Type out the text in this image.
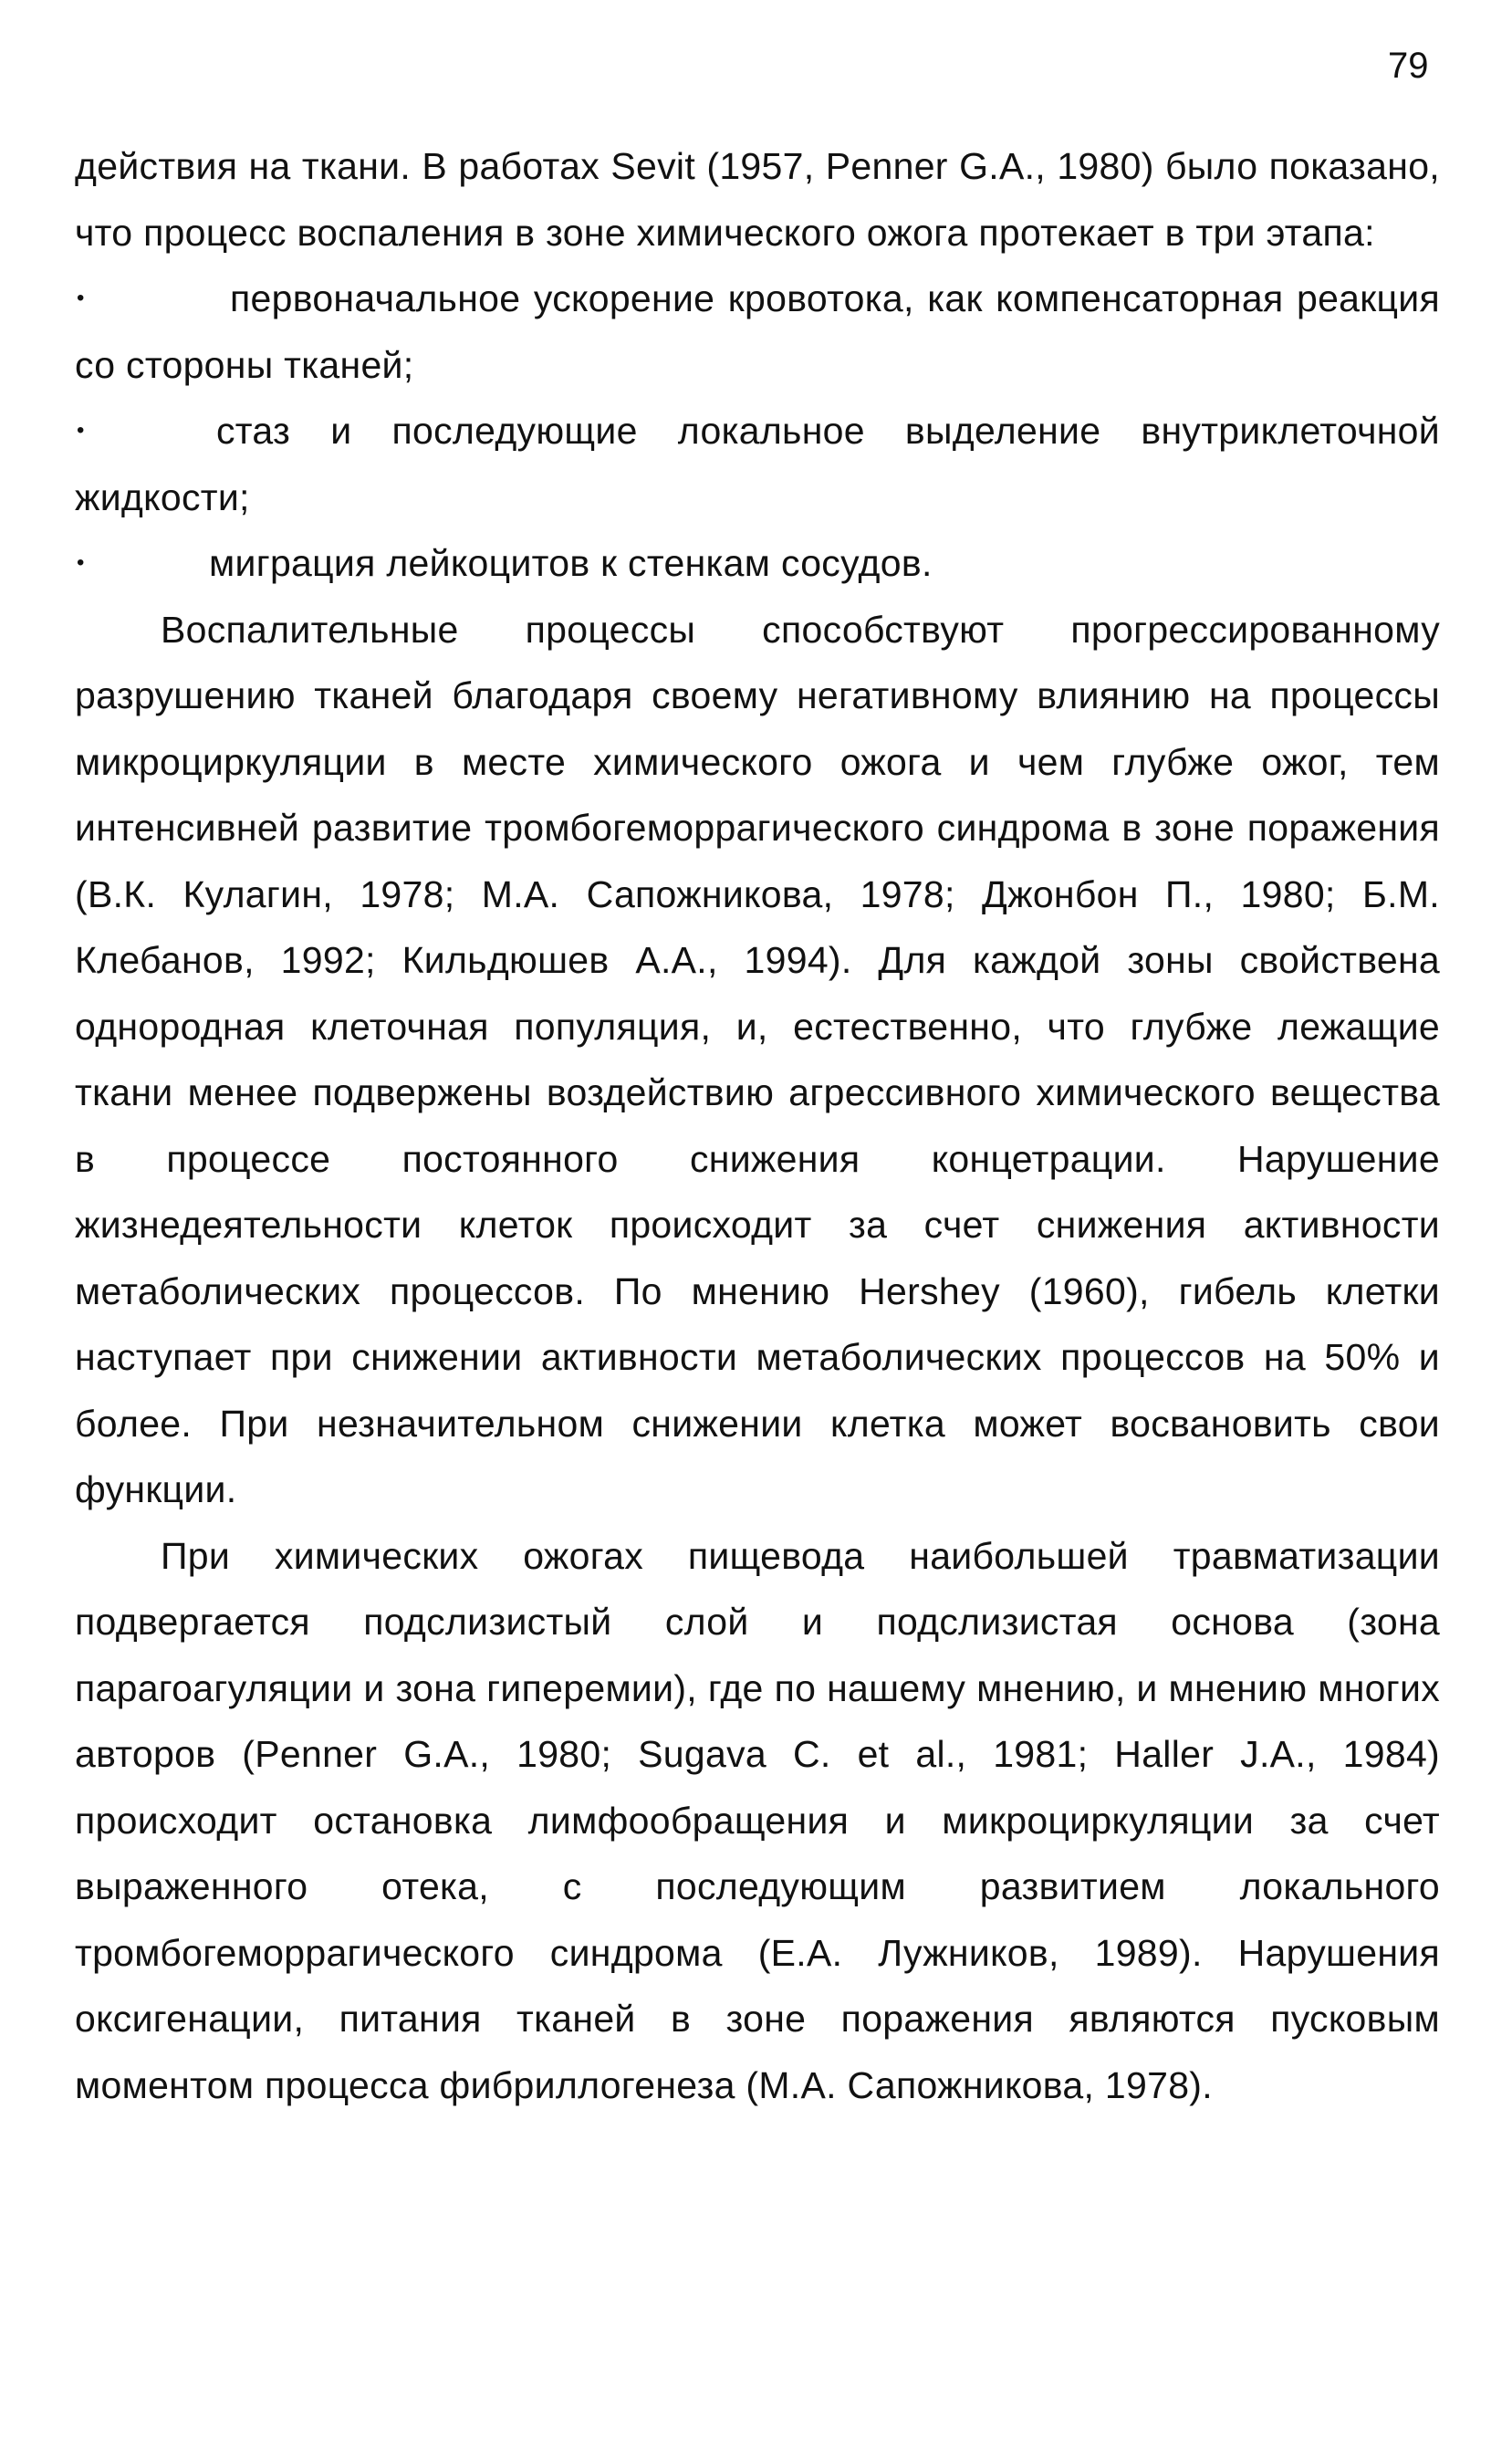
79

действия на ткани. В работах Sevit (1957, Penner G.A., 1980) было показано, что процесс воспаления в зоне химического ожога протекает в три этапа:

•	первоначальное ускорение кровотока, как компенсаторная реакция со стороны тканей;

•	стаз и последующие локальное выделение внутриклеточной жидкости;

•	миграция лейкоцитов к стенкам сосудов.

Воспалительные процессы способствуют прогрессированному разрушению тканей благодаря своему негативному влиянию на процессы микроциркуляции в месте химического ожога и чем глубже ожог, тем интенсивней развитие тромбогеморрагического синдрома в зоне поражения (В.К. Кулагин, 1978; М.А. Сапожникова, 1978; Джонбон П., 1980; Б.М. Клебанов, 1992; Кильдюшев А.А., 1994). Для каждой зоны свойствена однородная клеточная популяция, и, естественно, что глубже лежащие ткани менее подвержены воздействию агрессивного химического вещества в процессе постоянного снижения концетрации. Нарушение жизнедеятельности клеток происходит за счет снижения активности метаболических процессов. По мнению Hershey (1960), гибель клетки наступает при снижении активности метаболических процессов на 50% и более. При незначительном снижении клетка может восвановить свои функции.

При химических ожогах пищевода наибольшей травматизации подвергается подслизистый слой и подслизистая основа (зона парагоагуляции и зона гиперемии), где по нашему мнению, и мнению многих авторов (Penner G.A., 1980; Sugava C. et al., 1981; Haller J.A., 1984) происходит остановка лимфообращения и микроциркуляции за счет выраженного отека, с последующим развитием локального тромбогеморрагического синдрома (Е.А. Лужников, 1989). Нарушения оксигенации, питания тканей в зоне поражения являются пусковым моментом процесса фибриллогенеза (М.А. Сапожникова, 1978).
